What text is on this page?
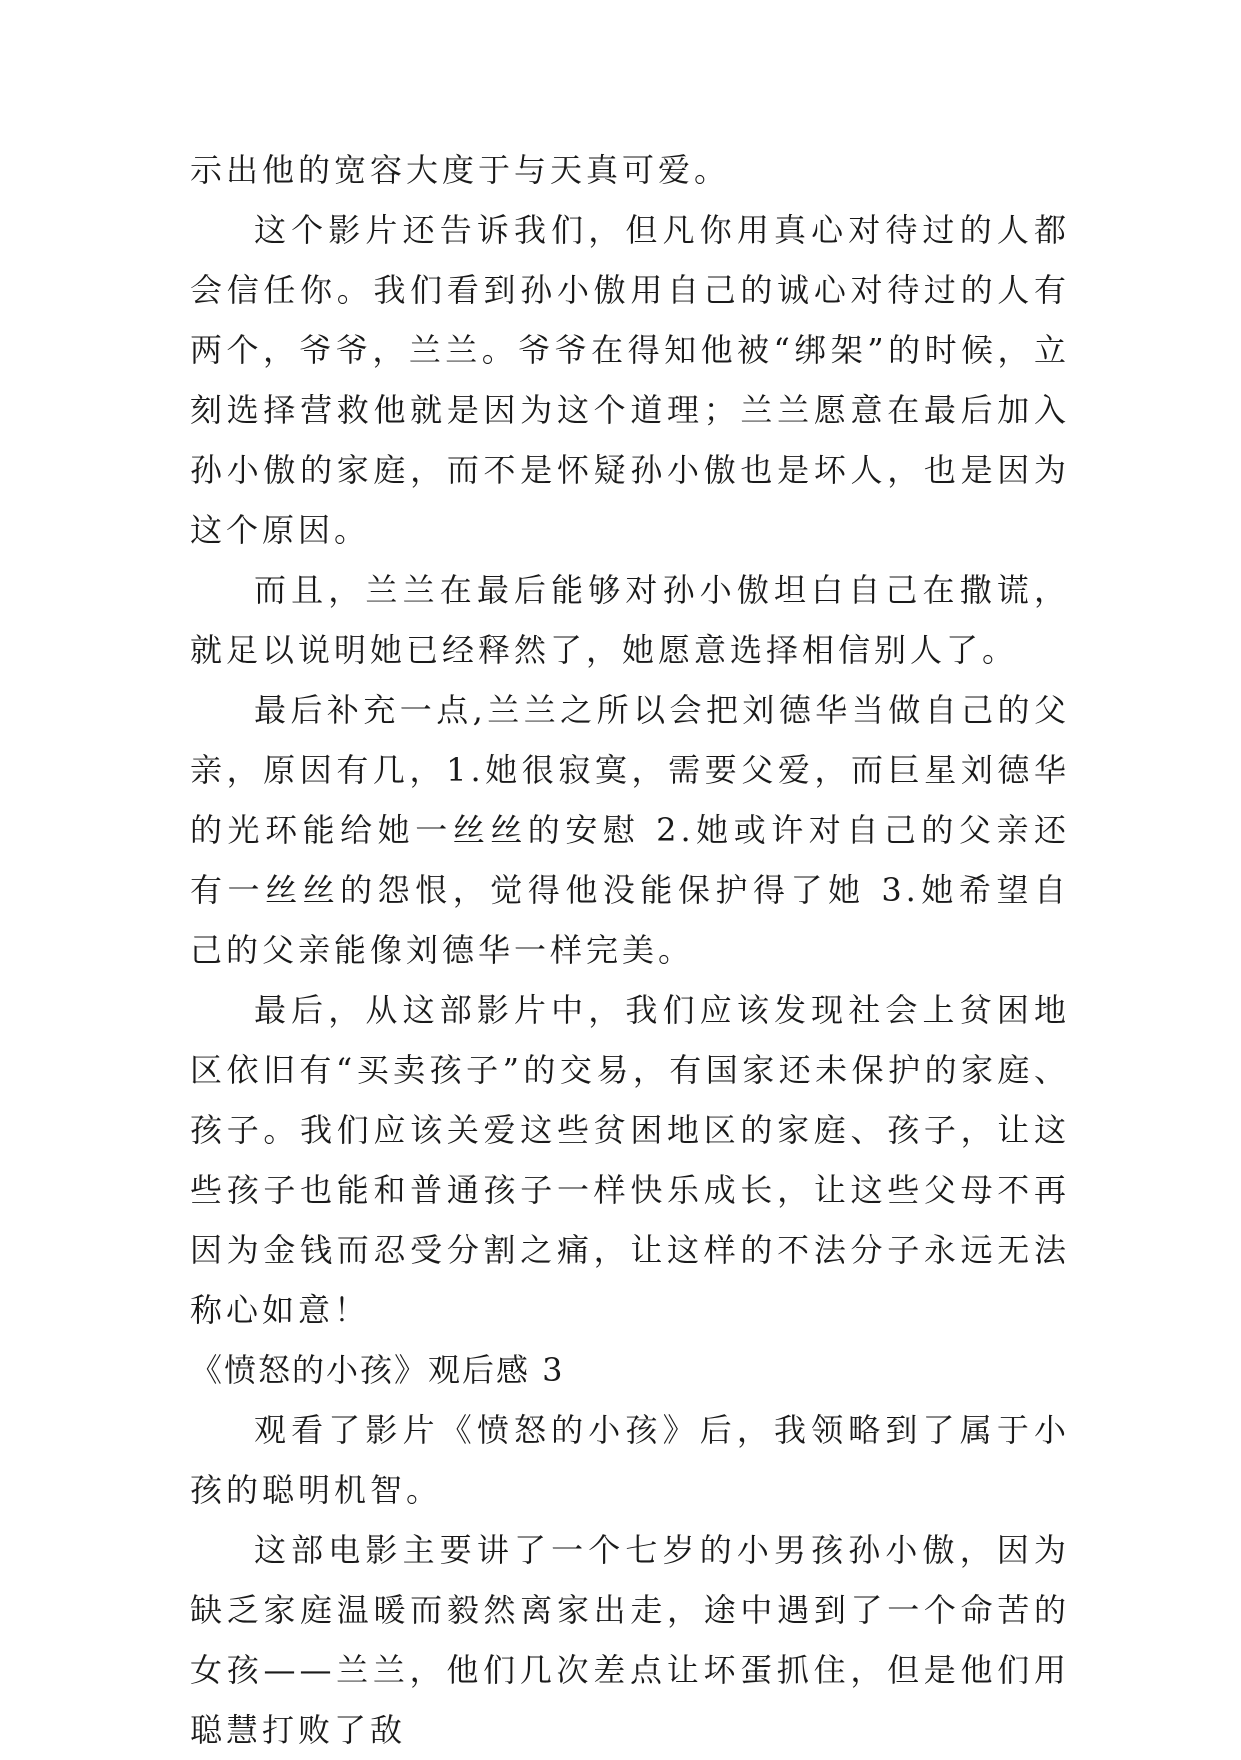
示出他的宽容大度于与天真可爱。

这个影片还告诉我们，但凡你用真心对待过的人都会信任你。我们看到孙小傲用自己的诚心对待过的人有两个，爷爷，兰兰。爷爷在得知他被“绑架”的时候，立刻选择营救他就是因为这个道理；兰兰愿意在最后加入孙小傲的家庭，而不是怀疑孙小傲也是坏人，也是因为这个原因。

而且，兰兰在最后能够对孙小傲坦白自己在撒谎，就足以说明她已经释然了，她愿意选择相信别人了。

最后补充一点,兰兰之所以会把刘德华当做自己的父亲，原因有几，1.她很寂寞，需要父爱，而巨星刘德华的光环能给她一丝丝的安慰 2.她或许对自己的父亲还有一丝丝的怨恨，觉得他没能保护得了她 3.她希望自己的父亲能像刘德华一样完美。

最后，从这部影片中，我们应该发现社会上贫困地区依旧有“买卖孩子”的交易，有国家还未保护的家庭、孩子。我们应该关爱这些贫困地区的家庭、孩子，让这些孩子也能和普通孩子一样快乐成长，让这些父母不再因为金钱而忍受分割之痛，让这样的不法分子永远无法称心如意！

《愤怒的小孩》观后感 3

观看了影片《愤怒的小孩》后，我领略到了属于小孩的聪明机智。

这部电影主要讲了一个七岁的小男孩孙小傲，因为缺乏家庭温暖而毅然离家出走，途中遇到了一个命苦的女孩——兰兰，他们几次差点让坏蛋抓住，但是他们用聪慧打败了敌
